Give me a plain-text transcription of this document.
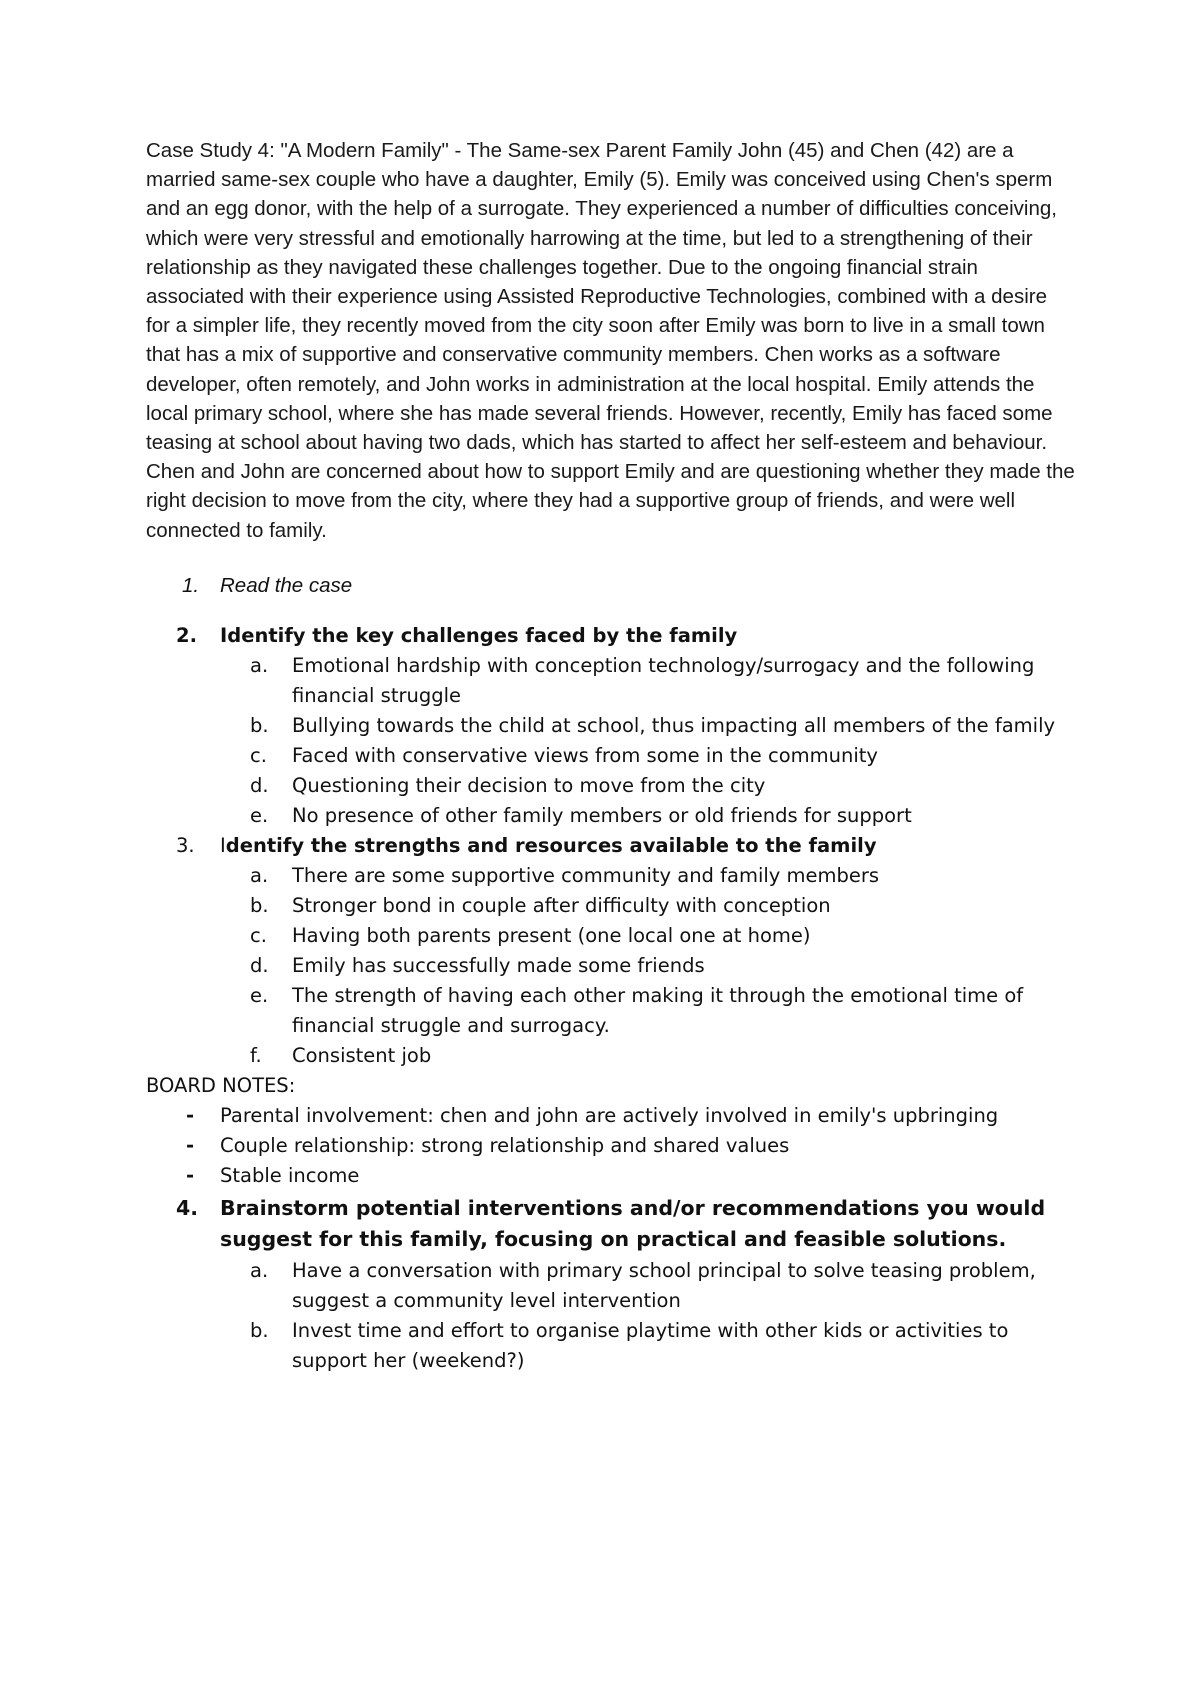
Case Study 4: "A Modern Family" - The Same-sex Parent Family John (45) and Chen (42) are a married same-sex couple who have a daughter, Emily (5). Emily was conceived using Chen's sperm and an egg donor, with the help of a surrogate. They experienced a number of difficulties conceiving, which were very stressful and emotionally harrowing at the time, but led to a strengthening of their relationship as they navigated these challenges together. Due to the ongoing financial strain associated with their experience using Assisted Reproductive Technologies, combined with a desire for a simpler life, they recently moved from the city soon after Emily was born to live in a small town that has a mix of supportive and conservative community members. Chen works as a software developer, often remotely, and John works in administration at the local hospital. Emily attends the local primary school, where she has made several friends. However, recently, Emily has faced some teasing at school about having two dads, which has started to affect her self-esteem and behaviour. Chen and John are concerned about how to support Emily and are questioning whether they made the right decision to move from the city, where they had a supportive group of friends, and were well connected to family.

1. Read the case
2. Identify the key challenges faced by the family
a. Emotional hardship with conception technology/surrogacy and the following financial struggle
b. Bullying towards the child at school, thus impacting all members of the family
c. Faced with conservative views from some in the community
d. Questioning their decision to move from the city
e. No presence of other family members or old friends for support
3. Identify the strengths and resources available to the family
a. There are some supportive community and family members
b. Stronger bond in couple after difficulty with conception
c. Having both parents present (one local one at home)
d. Emily has successfully made some friends
e. The strength of having each other making it through the emotional time of financial struggle and surrogacy.
f. Consistent job
BOARD NOTES:
- Parental involvement: chen and john are actively involved in emily's upbringing
- Couple relationship: strong relationship and shared values
- Stable income
4. Brainstorm potential interventions and/or recommendations you would suggest for this family, focusing on practical and feasible solutions.
a. Have a conversation with primary school principal to solve teasing problem, suggest a community level intervention
b. Invest time and effort to organise playtime with other kids or activities to support her (weekend?)
